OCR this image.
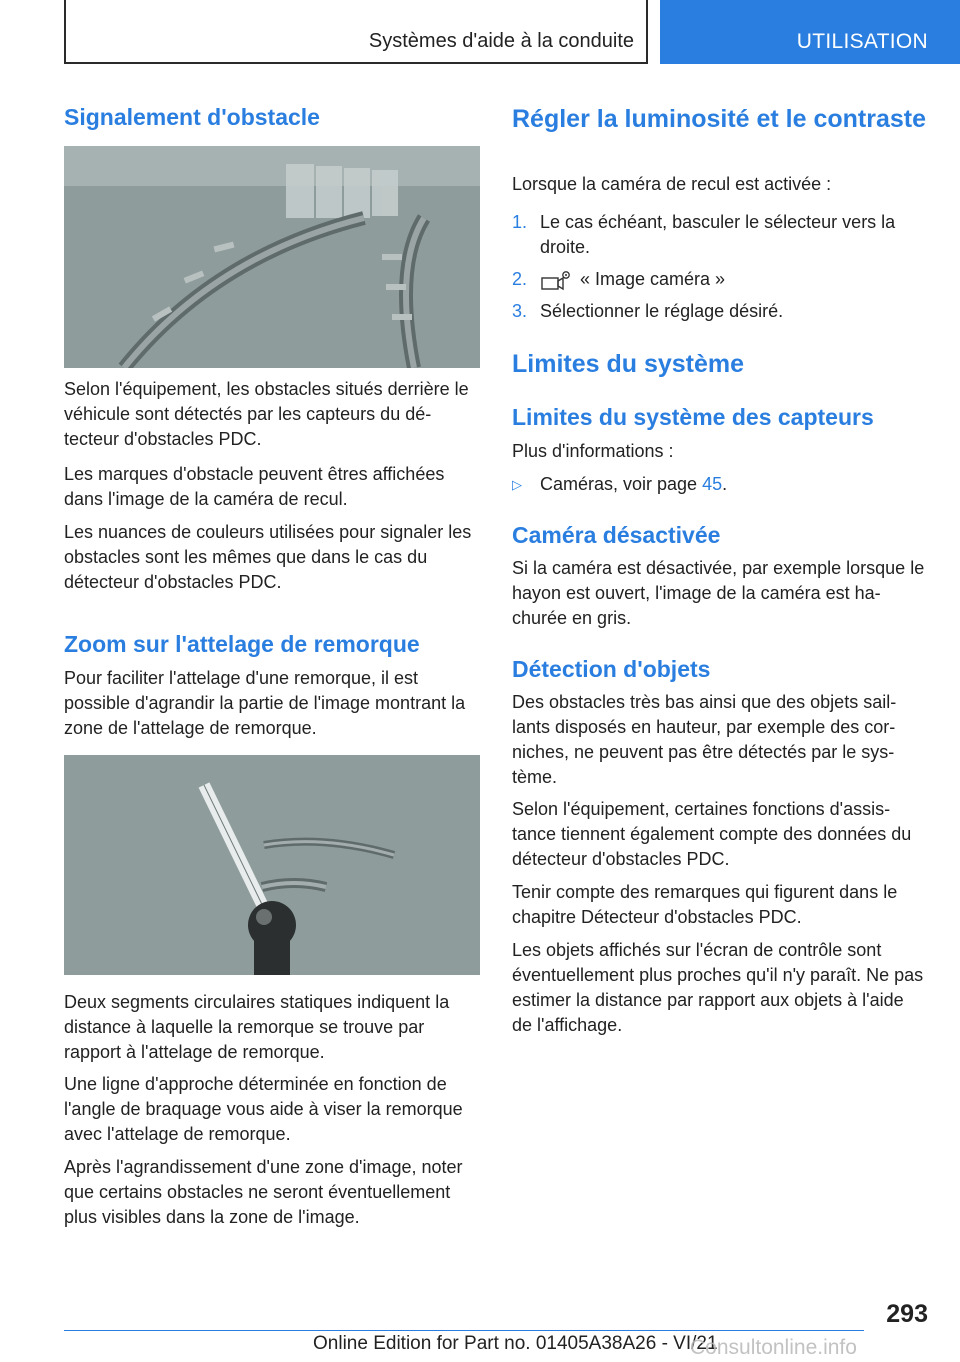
Systèmes d'aide à la conduite	UTILISATION
Signalement d'obstacle

Selon l'équipement, les obstacles situés derrière le véhicule sont détectés par les capteurs du détecteur d'obstacles PDC.

Les marques d'obstacle peuvent êtres affichées dans l'image de la caméra de recul.

Les nuances de couleurs utilisées pour signaler les obstacles sont les mêmes que dans le cas du détecteur d'obstacles PDC.

Zoom sur l'attelage de remorque

Pour faciliter l'attelage d'une remorque, il est possible d'agrandir la partie de l'image montrant la zone de l'attelage de remorque.

Deux segments circulaires statiques indiquent la distance à laquelle la remorque se trouve par rapport à l'attelage de remorque.

Une ligne d'approche déterminée en fonction de l'angle de braquage vous aide à viser la remorque avec l'attelage de remorque.

Après l'agrandissement d'une zone d'image, noter que certains obstacles ne seront éventuellement plus visibles dans la zone de l'image.

Régler la luminosité et le contraste

Lorsque la caméra de recul est activée :

1. Le cas échéant, basculer le sélecteur vers la droite.
2.	« Image caméra »
3. Sélectionner le réglage désiré.
Limites du système
Limites du système des capteurs

Plus d'informations :

▷ Caméras, voir page 45.
Caméra désactivée

Si la caméra est désactivée, par exemple lorsque le hayon est ouvert, l'image de la caméra est hachurée en gris.

Détection d'objets

Des obstacles très bas ainsi que des objets saillants disposés en hauteur, par exemple des corniches, ne peuvent pas être détectés par le système.

Selon l'équipement, certaines fonctions d'assistance tiennent également compte des données du détecteur d'obstacles PDC.

Tenir compte des remarques qui figurent dans le chapitre Détecteur d'obstacles PDC.

Les objets affichés sur l'écran de contrôle sont éventuellement plus proches qu'il n'y paraît. Ne pas estimer la distance par rapport aux objets à l'aide de l'affichage.

293
Online Edition for Part no. 01405A38A26 - VI/21
Consultonline.info
